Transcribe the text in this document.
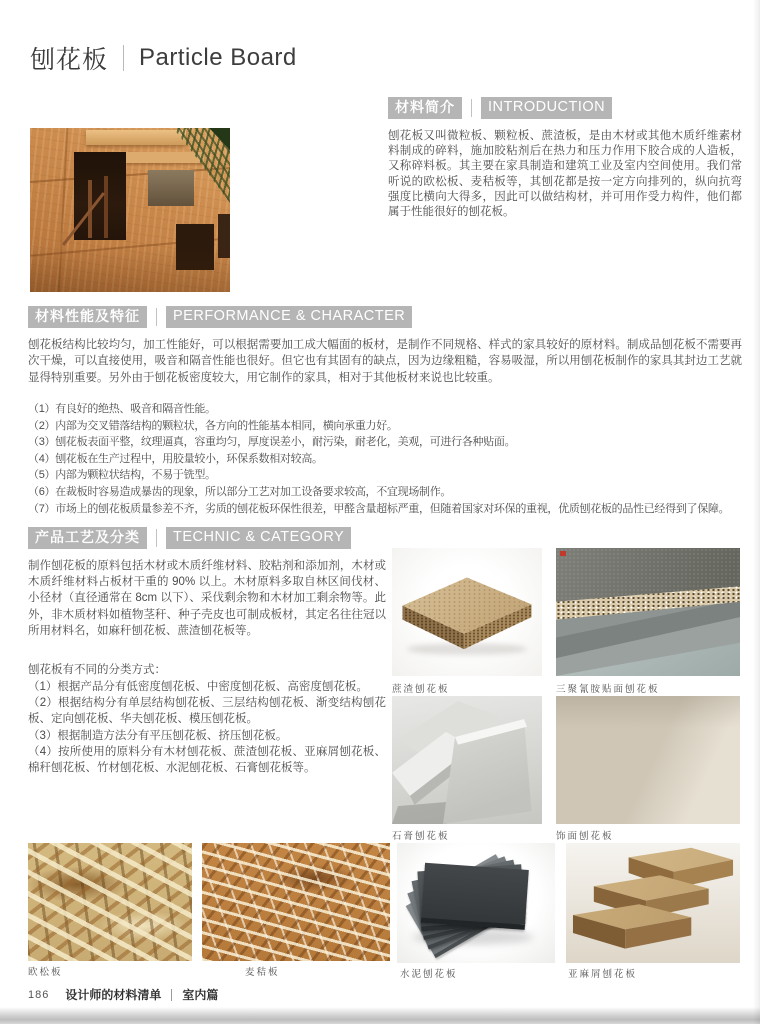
刨花板 Particle Board
材料简介	INTRODUCTION
刨花板又叫微粒板、颗粒板、蔗渣板，是由木材或其他木质纤维素材料制成的碎料，施加胶粘剂后在热力和压力作用下胶合成的人造板，又称碎料板。其主要在家具制造和建筑工业及室内空间使用。我们常听说的欧松板、麦秸板等，其刨花都是按一定方向排列的，纵向抗弯强度比横向大得多，因此可以做结构材，并可用作受力构件，他们都属于性能很好的刨花板。
材料性能及特征	PERFORMANCE & CHARACTER
刨花板结构比较均匀，加工性能好，可以根据需要加工成大幅面的板材，是制作不同规格、样式的家具较好的原材料。制成品刨花板不需要再次干燥，可以直接使用，吸音和隔音性能也很好。但它也有其固有的缺点，因为边缘粗糙，容易吸湿，所以用刨花板制作的家具其封边工艺就显得特别重要。另外由于刨花板密度较大，用它制作的家具，相对于其他板材来说也比较重。
（1）有良好的绝热、吸音和隔音性能。
（2）内部为交叉错落结构的颗粒状，各方向的性能基本相同，横向承重力好。
（3）刨花板表面平整，纹理逼真，容重均匀，厚度误差小，耐污染，耐老化，美观，可进行各种贴面。
（4）刨花板在生产过程中，用胶量较小，环保系数相对较高。
（5）内部为颗粒状结构，不易于铣型。
（6）在裁板时容易造成暴齿的现象，所以部分工艺对加工设备要求较高，不宜现场制作。
（7）市场上的刨花板质量参差不齐，劣质的刨花板环保性很差，甲醛含量超标严重，但随着国家对环保的重视，优质刨花板的品性已经得到了保障。
产品工艺及分类	TECHNIC & CATEGORY
制作刨花板的原料包括木材或木质纤维材料、胶粘剂和添加剂，木材或木质纤维材料占板材干重的 90% 以上。木材原料多取自林区间伐材、小径材（直径通常在 8cm 以下）、采伐剩余物和木材加工剩余物等。此外，非木质材料如植物茎秆、种子壳皮也可制成板材，其定名往往冠以所用材料名，如麻秆刨花板、蔗渣刨花板等。
刨花板有不同的分类方式：
（1）根据产品分有低密度刨花板、中密度刨花板、高密度刨花板。
（2）根据结构分有单层结构刨花板、三层结构刨花板、渐变结构刨花板、定向刨花板、华夫刨花板、模压刨花板。
（3）根据制造方法分有平压刨花板、挤压刨花板。
（4）按所使用的原料分有木材刨花板、蔗渣刨花板、亚麻屑刨花板、棉秆刨花板、竹材刨花板、水泥刨花板、石膏刨花板等。
蔗渣刨花板	三聚氰胺贴面刨花板
石膏刨花板	饰面刨花板
欧松板	麦秸板	水泥刨花板	亚麻屑刨花板
186 设计师的材料清单 室内篇
